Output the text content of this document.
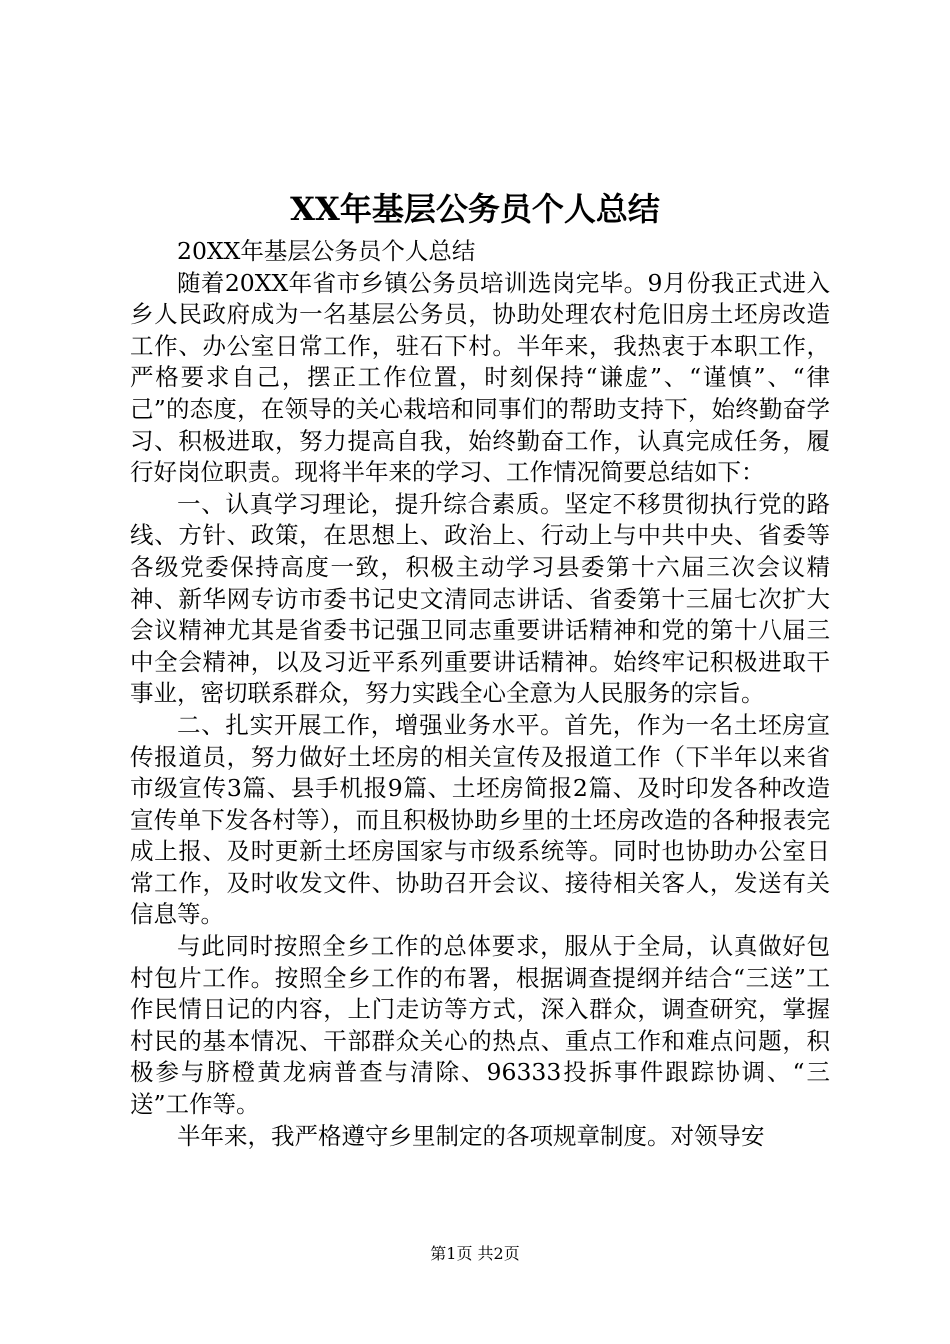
XX年基层公务员个人总结

20XX年基层公务员个人总结

随着20XX年省市乡镇公务员培训选岗完毕。9月份我正式进入乡人民政府成为一名基层公务员，协助处理农村危旧房土坯房改造工作、办公室日常工作，驻石下村。半年来，我热衷于本职工作，严格要求自己，摆正工作位置，时刻保持“谦虚”、“谨慎”、“律己”的态度，在领导的关心栽培和同事们的帮助支持下，始终勤奋学习、积极进取，努力提高自我，始终勤奋工作，认真完成任务，履行好岗位职责。现将半年来的学习、工作情况简要总结如下：

一、认真学习理论，提升综合素质。坚定不移贯彻执行党的路线、方针、政策，在思想上、政治上、行动上与中共中央、省委等各级党委保持高度一致，积极主动学习县委第十六届三次会议精神、新华网专访市委书记史文清同志讲话、省委第十三届七次扩大会议精神尤其是省委书记强卫同志重要讲话精神和党的第十八届三中全会精神，以及习近平系列重要讲话精神。始终牢记积极进取干事业，密切联系群众，努力实践全心全意为人民服务的宗旨。

二、扎实开展工作，增强业务水平。首先，作为一名土坯房宣传报道员，努力做好土坯房的相关宣传及报道工作（下半年以来省市级宣传3篇、县手机报9篇、土坯房简报2篇、及时印发各种改造宣传单下发各村等），而且积极协助乡里的土坯房改造的各种报表完成上报、及时更新土坯房国家与市级系统等。同时也协助办公室日常工作，及时收发文件、协助召开会议、接待相关客人，发送有关信息等。

与此同时按照全乡工作的总体要求，服从于全局，认真做好包村包片工作。按照全乡工作的布署，根据调查提纲并结合“三送”工作民情日记的内容，上门走访等方式，深入群众，调查研究，掌握村民的基本情况、干部群众关心的热点、重点工作和难点问题，积极参与脐橙黄龙病普查与清除、96333投拆事件跟踪协调、“三送”工作等。

半年来，我严格遵守乡里制定的各项规章制度。对领导安

第1页 共2页
